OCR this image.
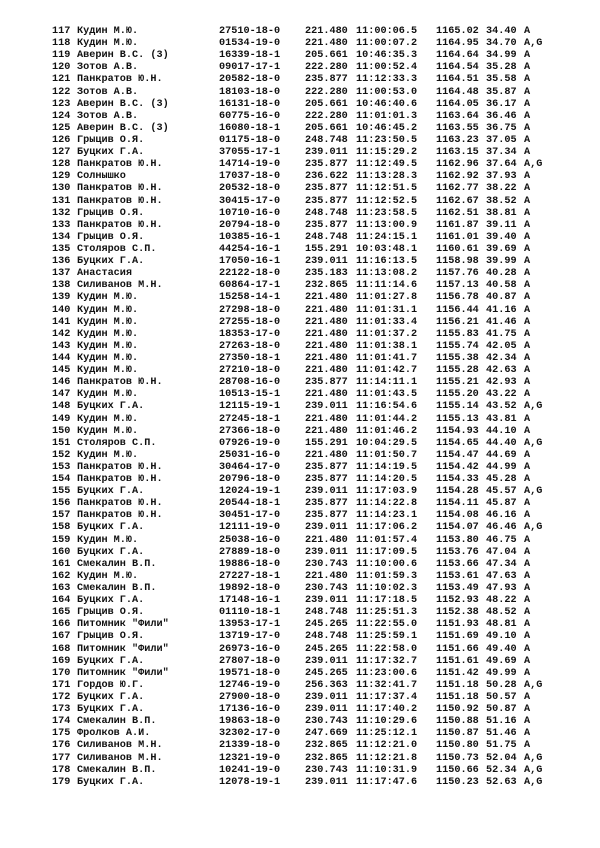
117 Кудин М.Ю.	27510-18-0 221.480 11:00:06.5 1165.02 34.40 A
118 Кудин М.Ю.	01534-19-0 221.480 11:00:07.2 1164.95 34.70 A,G
119 Аверин В.С. (3)	16339-18-1 205.661 10:46:35.3 1164.64 34.99 A
120 Зотов А.В.	09017-17-1 222.280 11:00:52.4 1164.54 35.28 A
121 Панкратов Ю.Н.	20582-18-0 235.877 11:12:33.3 1164.51 35.58 A
122 Зотов А.В.	18103-18-0 222.280 11:00:53.0 1164.48 35.87 A
123 Аверин В.С. (3)	16131-18-0 205.661 10:46:40.6 1164.05 36.17 A
124 Зотов А.В.	60775-16-0 222.280 11:01:01.3 1163.64 36.46 A
125 Аверин В.С. (3)	16080-18-1 205.661 10:46:45.2 1163.55 36.75 A
126 Грыцив О.Я.	01175-18-0 248.748 11:23:50.5 1163.23 37.05 A
127 Буцких Г.А.	37055-17-1 239.011 11:15:29.2 1163.15 37.34 A
128 Панкратов Ю.Н.	14714-19-0 235.877 11:12:49.5 1162.96 37.64 A,G
129 Солнышко	17037-18-0 236.622 11:13:28.3 1162.92 37.93 A
130 Панкратов Ю.Н.	20532-18-0 235.877 11:12:51.5 1162.77 38.22 A
131 Панкратов Ю.Н.	30415-17-0 235.877 11:12:52.5 1162.67 38.52 A
132 Грыцив О.Я.	10710-16-0 248.748 11:23:58.5 1162.51 38.81 A
133 Панкратов Ю.Н.	20794-18-0 235.877 11:13:00.9 1161.87 39.11 A
134 Грыцив О.Я.	10385-16-1 248.748 11:24:15.1 1161.01 39.40 A
135 Столяров С.П.	44254-16-1 155.291 10:03:48.1 1160.61 39.69 A
136 Буцких Г.А.	17050-16-1 239.011 11:16:13.5 1158.98 39.99 A
137 Анастасия	22122-18-0 235.183 11:13:08.2 1157.76 40.28 A
138 Силиванов М.Н.	60864-17-1 232.865 11:11:14.6 1157.13 40.58 A
139 Кудин М.Ю.	15258-14-1 221.480 11:01:27.8 1156.78 40.87 A
140 Кудин М.Ю.	27298-18-0 221.480 11:01:31.1 1156.44 41.16 A
141 Кудин М.Ю.	27255-18-0 221.480 11:01:33.4 1156.21 41.46 A
142 Кудин М.Ю.	18353-17-0 221.480 11:01:37.2 1155.83 41.75 A
143 Кудин М.Ю.	27263-18-0 221.480 11:01:38.1 1155.74 42.05 A
144 Кудин М.Ю.	27350-18-1 221.480 11:01:41.7 1155.38 42.34 A
145 Кудин М.Ю.	27210-18-0 221.480 11:01:42.7 1155.28 42.63 A
146 Панкратов Ю.Н.	28708-16-0 235.877 11:14:11.1 1155.21 42.93 A
147 Кудин М.Ю.	10513-15-1 221.480 11:01:43.5 1155.20 43.22 A
148 Буцких Г.А.	12115-19-1 239.011 11:16:54.6 1155.14 43.52 A,G
149 Кудин М.Ю.	27245-18-1 221.480 11:01:44.2 1155.13 43.81 A
150 Кудин М.Ю.	27366-18-0 221.480 11:01:46.2 1154.93 44.10 A
151 Столяров С.П.	07926-19-0 155.291 10:04:29.5 1154.65 44.40 A,G
152 Кудин М.Ю.	25031-16-0 221.480 11:01:50.7 1154.47 44.69 A
153 Панкратов Ю.Н.	30464-17-0 235.877 11:14:19.5 1154.42 44.99 A
154 Панкратов Ю.Н.	20796-18-0 235.877 11:14:20.5 1154.33 45.28 A
155 Буцких Г.А.	12024-19-1 239.011 11:17:03.9 1154.28 45.57 A,G
156 Панкратов Ю.Н.	20544-18-1 235.877 11:14:22.8 1154.11 45.87 A
157 Панкратов Ю.Н.	30451-17-0 235.877 11:14:23.1 1154.08 46.16 A
158 Буцких Г.А.	12111-19-0 239.011 11:17:06.2 1154.07 46.46 A,G
159 Кудин М.Ю.	25038-16-0 221.480 11:01:57.4 1153.80 46.75 A
160 Буцких Г.А.	27889-18-0 239.011 11:17:09.5 1153.76 47.04 A
161 Смекалин В.П.	19886-18-0 230.743 11:10:00.6 1153.66 47.34 A
162 Кудин М.Ю.	27227-18-1 221.480 11:01:59.3 1153.61 47.63 A
163 Смекалин В.П.	19892-18-0 230.743 11:10:02.3 1153.49 47.93 A
164 Буцких Г.А.	17148-16-1 239.011 11:17:18.5 1152.93 48.22 A
165 Грыцив О.Я.	01110-18-1 248.748 11:25:51.3 1152.38 48.52 A
166 Питомник "Фили"	13953-17-1 245.265 11:22:55.0 1151.93 48.81 A
167 Грыцив О.Я.	13719-17-0 248.748 11:25:59.1 1151.69 49.10 A
168 Питомник "Фили"	26973-16-0 245.265 11:22:58.0 1151.66 49.40 A
169 Буцких Г.А.	27807-18-0 239.011 11:17:32.7 1151.61 49.69 A
170 Питомник "Фили"	19571-18-0 245.265 11:23:00.6 1151.42 49.99 A
171 Гордов Ю.Г.	12746-19-0 256.363 11:32:41.7 1151.18 50.28 A,G
172 Буцких Г.А.	27900-18-0 239.011 11:17:37.4 1151.18 50.57 A
173 Буцких Г.А.	17136-16-0 239.011 11:17:40.2 1150.92 50.87 A
174 Смекалин В.П.	19863-18-0 230.743 11:10:29.6 1150.88 51.16 A
175 Фролков А.И.	32302-17-0 247.669 11:25:12.1 1150.87 51.46 A
176 Силиванов М.Н.	21339-18-0 232.865 11:12:21.0 1150.80 51.75 A
177 Силиванов М.Н.	12321-19-0 232.865 11:12:21.8 1150.73 52.04 A,G
178 Смекалин В.П.	10241-19-0 230.743 11:10:31.9 1150.66 52.34 A,G
179 Буцких Г.А.	12078-19-1 239.011 11:17:47.6 1150.23 52.63 A,G
